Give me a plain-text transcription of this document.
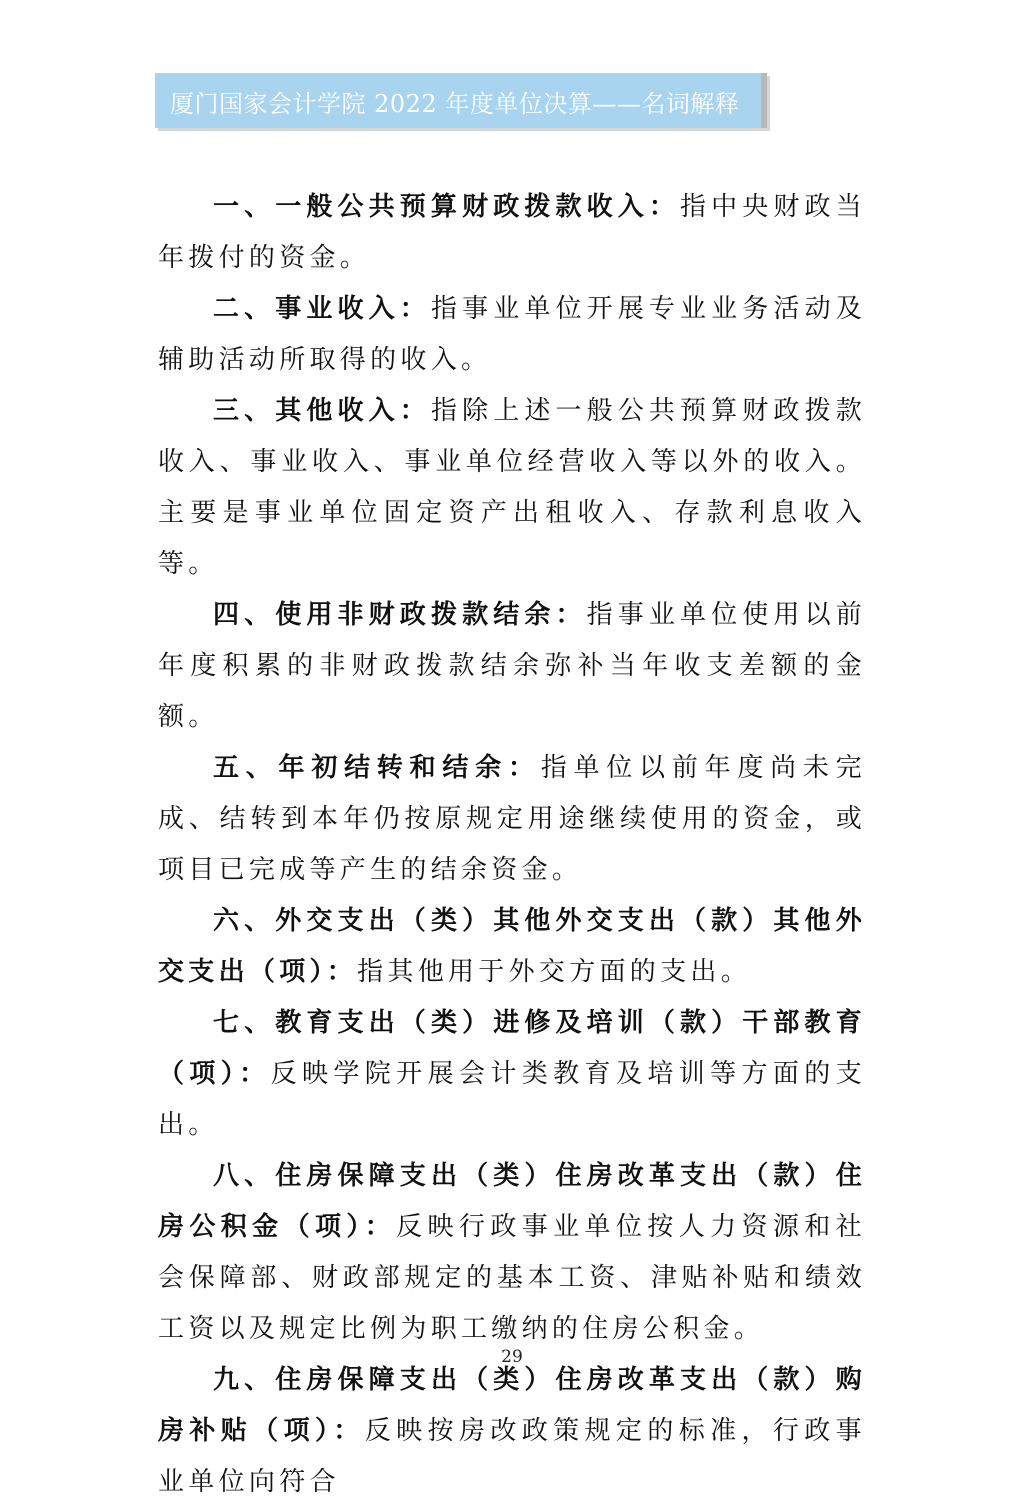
厦门国家会计学院 2022 年度单位决算——名词解释

一、一般公共预算财政拨款收入：指中央财政当年拨付的资金。

二、事业收入：指事业单位开展专业业务活动及辅助活动所取得的收入。

三、其他收入：指除上述一般公共预算财政拨款收入、事业收入、事业单位经营收入等以外的收入。主要是事业单位固定资产出租收入、存款利息收入等。

四、使用非财政拨款结余：指事业单位使用以前年度积累的非财政拨款结余弥补当年收支差额的金额。

五、年初结转和结余：指单位以前年度尚未完成、结转到本年仍按原规定用途继续使用的资金，或项目已完成等产生的结余资金。

六、外交支出（类）其他外交支出（款）其他外交支出（项）：指其他用于外交方面的支出。

七、教育支出（类）进修及培训（款）干部教育（项）：反映学院开展会计类教育及培训等方面的支出。

八、住房保障支出（类）住房改革支出（款）住房公积金（项）：反映行政事业单位按人力资源和社会保障部、财政部规定的基本工资、津贴补贴和绩效工资以及规定比例为职工缴纳的住房公积金。

九、住房保障支出（类）住房改革支出（款）购房补贴（项）：反映按房改政策规定的标准，行政事业单位向符合

29
